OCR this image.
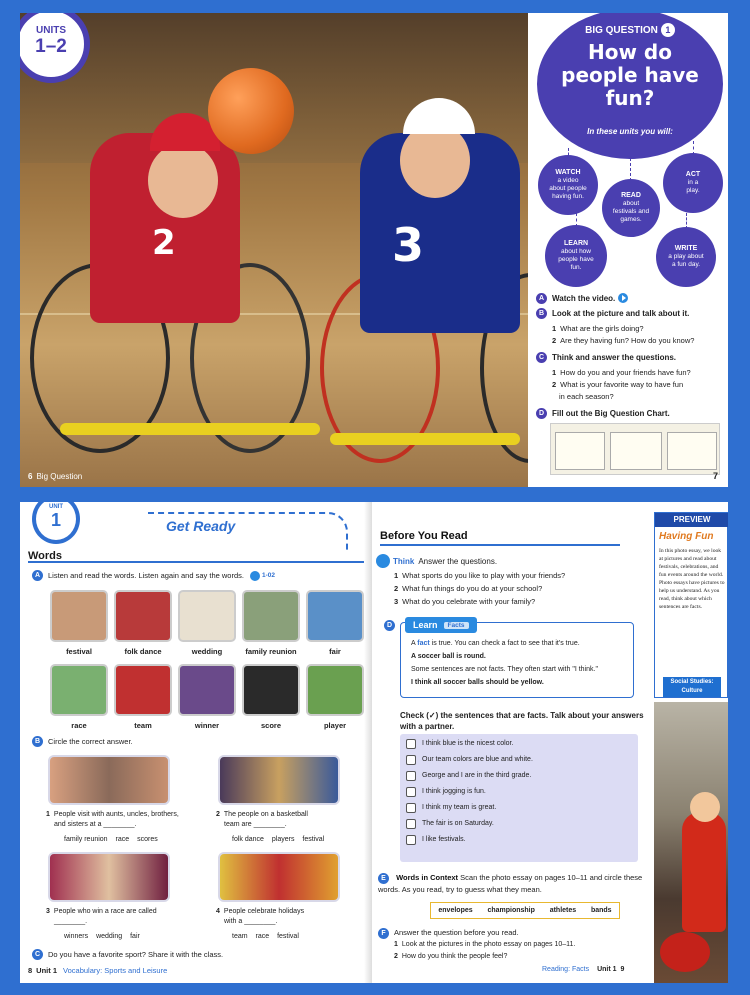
2	3
UNITS
1–2
6 Big Question
BIG QUESTION 1
How do
people have
fun?
In these units you will:
WATCH
a video
about people
having fun.
ACT
in a
play.
READ
about
festivals and
games.
LEARN
about how
people have
fun.
WRITE
a play about
a fun day.
A Watch the video.
B Look at the picture and talk about it.
1 What are the girls doing?
2 Are they having fun? How do you know?
C Think and answer the questions.
1 How do you and your friends have fun?
2 What is your favorite way to have fun
in each season?
D Fill out the Big Question Chart.
7
UNIT
1	Get Ready
Words
A	Listen and read the words. Listen again and say the words.	1-02
festival	folk dance	wedding	family reunion	fair
race	team	winner	score	player
B	Circle the correct answer.
1 People visit with aunts, uncles, brothers,
and sisters at a ________.
family reunion race scores
2 The people on a basketball
team are ________.
folk dance players festival
3 People who win a race are called
________.
winners wedding fair
4 People celebrate holidays
with a ________.
team race festival
C	Do you have a favorite sport? Share it with the class.
8 Unit 1 Vocabulary: Sports and Leisure
Before You Read
Think Answer the questions.
1 What sports do you like to play with your friends?
2 What fun things do you do at your school?
3 What do you celebrate with your family?
D	Learn	Facts
A fact is true. You can check a fact to see that it's true.
A soccer ball is round.
Some sentences are not facts. They often start with "I think."
I think all soccer balls should be yellow.
Check (✓) the sentences that are facts. Talk about your answers with a partner.
I think blue is the nicest color.
Our team colors are blue and white.
George and I are in the third grade.
I think jogging is fun.
I think my team is great.
The fair is on Saturday.
I like festivals.
E Words in Context Scan the photo essay on pages 10–11 and circle these words. As you read, try to guess what they mean.
envelopes championship athletes bands
F Answer the question before you read.
1 Look at the pictures in the photo essay on pages 10–11.
2 How do you think the people feel?
Reading: Facts Unit 1 9
PREVIEW
Having Fun
In this photo essay, we look at pictures and read about festivals, celebrations, and fun events around the world. Photo essays have pictures to help us understand. As you read, think about which sentences are facts.
Social Studies: Culture
